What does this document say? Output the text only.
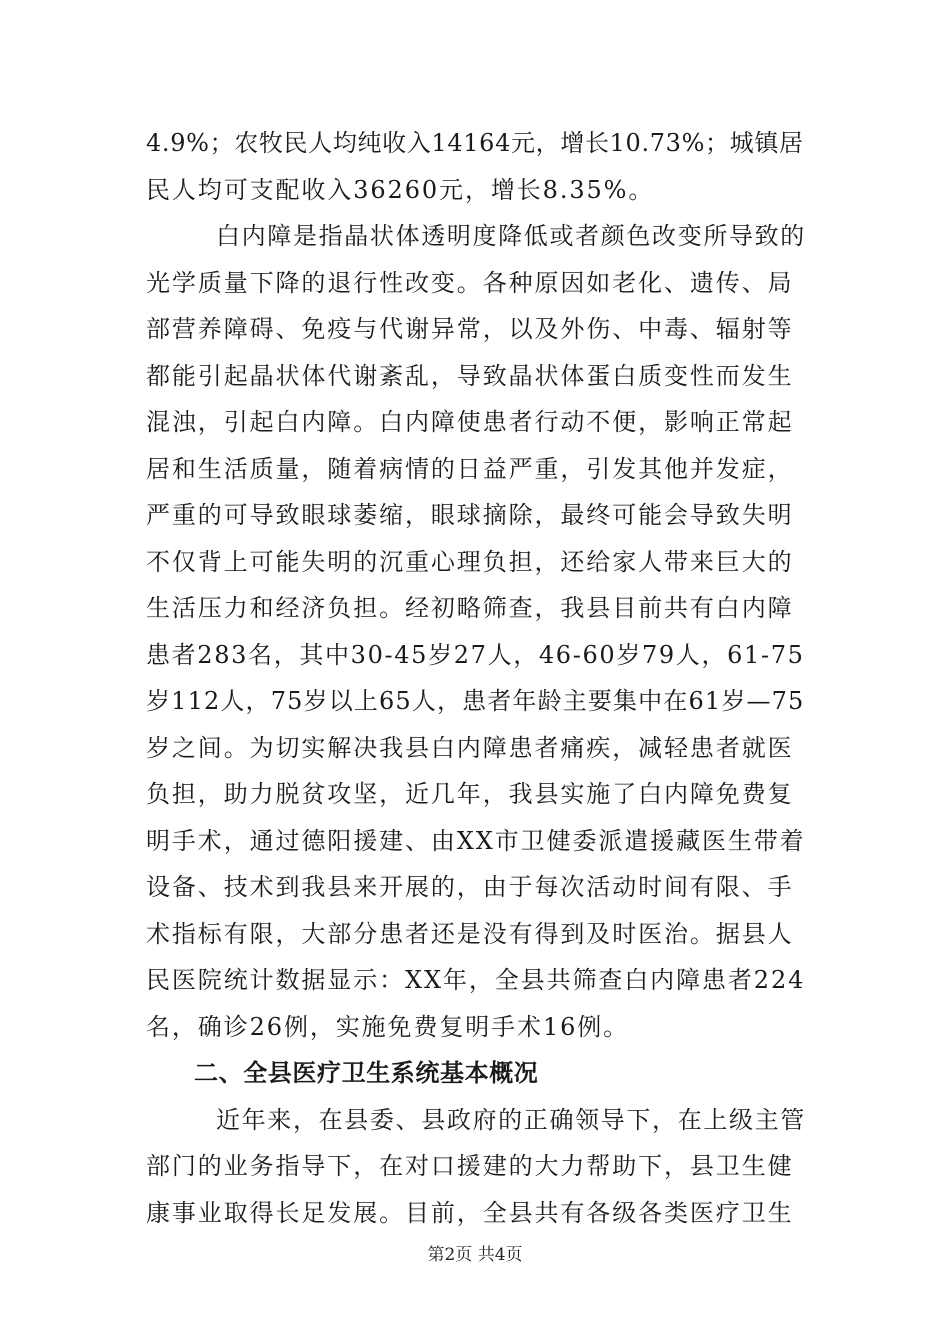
4.9%；农牧民人均纯收入14164元，增长10.73%；城镇居
民人均可支配收入36260元，增长8.35%。
白内障是指晶状体透明度降低或者颜色改变所导致的
光学质量下降的退行性改变。各种原因如老化、遗传、局
部营养障碍、免疫与代谢异常，以及外伤、中毒、辐射等
都能引起晶状体代谢紊乱，导致晶状体蛋白质变性而发生
混浊，引起白内障。白内障使患者行动不便，影响正常起
居和生活质量，随着病情的日益严重，引发其他并发症，
严重的可导致眼球萎缩，眼球摘除，最终可能会导致失明
不仅背上可能失明的沉重心理负担，还给家人带来巨大的
生活压力和经济负担。经初略筛查，我县目前共有白内障
患者283名，其中30-45岁27人，46-60岁79人，61-75
岁112人，75岁以上65人，患者年龄主要集中在61岁—75
岁之间。为切实解决我县白内障患者痛疾，减轻患者就医
负担，助力脱贫攻坚，近几年，我县实施了白内障免费复
明手术，通过德阳援建、由XX市卫健委派遣援藏医生带着
设备、技术到我县来开展的，由于每次活动时间有限、手
术指标有限，大部分患者还是没有得到及时医治。据县人
民医院统计数据显示：XX年，全县共筛查白内障患者224
名，确诊26例，实施免费复明手术16例。
二、全县医疗卫生系统基本概况
近年来，在县委、县政府的正确领导下，在上级主管
部门的业务指导下，在对口援建的大力帮助下，县卫生健
康事业取得长足发展。目前，全县共有各级各类医疗卫生
第2页 共4页
